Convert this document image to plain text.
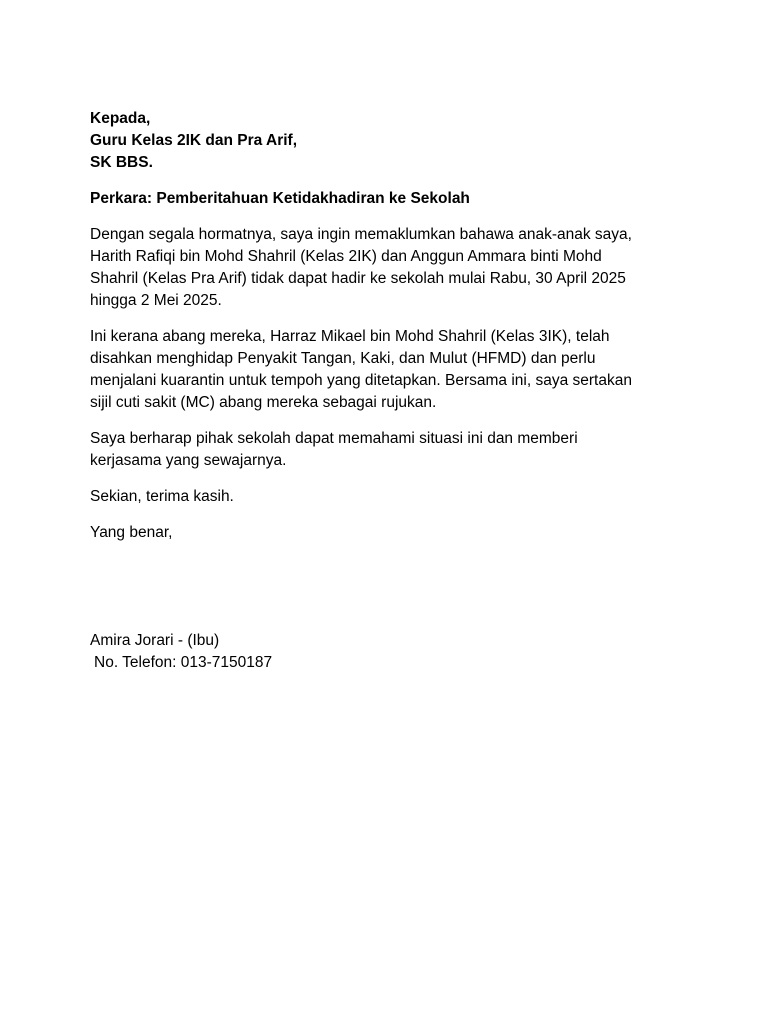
Kepada,
Guru Kelas 2IK dan Pra Arif,
SK BBS.
Perkara: Pemberitahuan Ketidakhadiran ke Sekolah
Dengan segala hormatnya, saya ingin memaklumkan bahawa anak-anak saya,
Harith Rafiqi bin Mohd Shahril (Kelas 2IK) dan Anggun Ammara binti Mohd
Shahril (Kelas Pra Arif) tidak dapat hadir ke sekolah mulai Rabu, 30 April 2025
hingga 2 Mei 2025.
Ini kerana abang mereka, Harraz Mikael bin Mohd Shahril (Kelas 3IK), telah
disahkan menghidap Penyakit Tangan, Kaki, dan Mulut (HFMD) dan perlu
menjalani kuarantin untuk tempoh yang ditetapkan. Bersama ini, saya sertakan
sijil cuti sakit (MC) abang mereka sebagai rujukan.
Saya berharap pihak sekolah dapat memahami situasi ini dan memberi
kerjasama yang sewajarnya.
Sekian, terima kasih.
Yang benar,
Amira Jorari - (Ibu)
No. Telefon: 013-7150187
